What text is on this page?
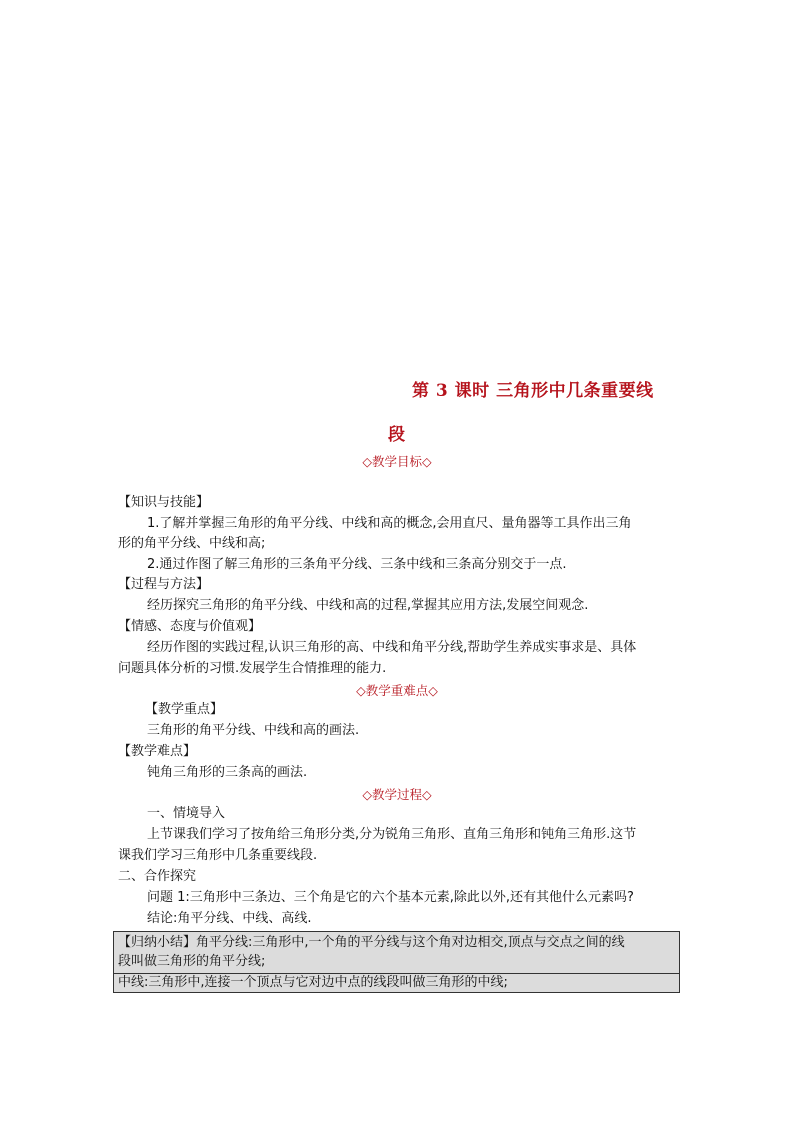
第 3 课时 三角形中几条重要线
段
◇教学目标◇
【知识与技能】
1.了解并掌握三角形的角平分线、中线和高的概念,会用直尺、量角器等工具作出三角
形的角平分线、中线和高;
2.通过作图了解三角形的三条角平分线、三条中线和三条高分别交于一点.
【过程与方法】
经历探究三角形的角平分线、中线和高的过程,掌握其应用方法,发展空间观念.
【情感、态度与价值观】
经历作图的实践过程,认识三角形的高、中线和角平分线,帮助学生养成实事求是、具体
问题具体分析的习惯.发展学生合情推理的能力.
◇教学重难点◇
【教学重点】
三角形的角平分线、中线和高的画法.
【教学难点】
钝角三角形的三条高的画法.
◇教学过程◇
一、情境导入
上节课我们学习了按角给三角形分类,分为锐角三角形、直角三角形和钝角三角形.这节
课我们学习三角形中几条重要线段.
二、合作探究
问题 1:三角形中三条边、三个角是它的六个基本元素,除此以外,还有其他什么元素吗?
结论:角平分线、中线、高线.
【归纳小结】角平分线:三角形中,一个角的平分线与这个角对边相交,顶点与交点之间的线
段叫做三角形的角平分线;
中线:三角形中,连接一个顶点与它对边中点的线段叫做三角形的中线;
